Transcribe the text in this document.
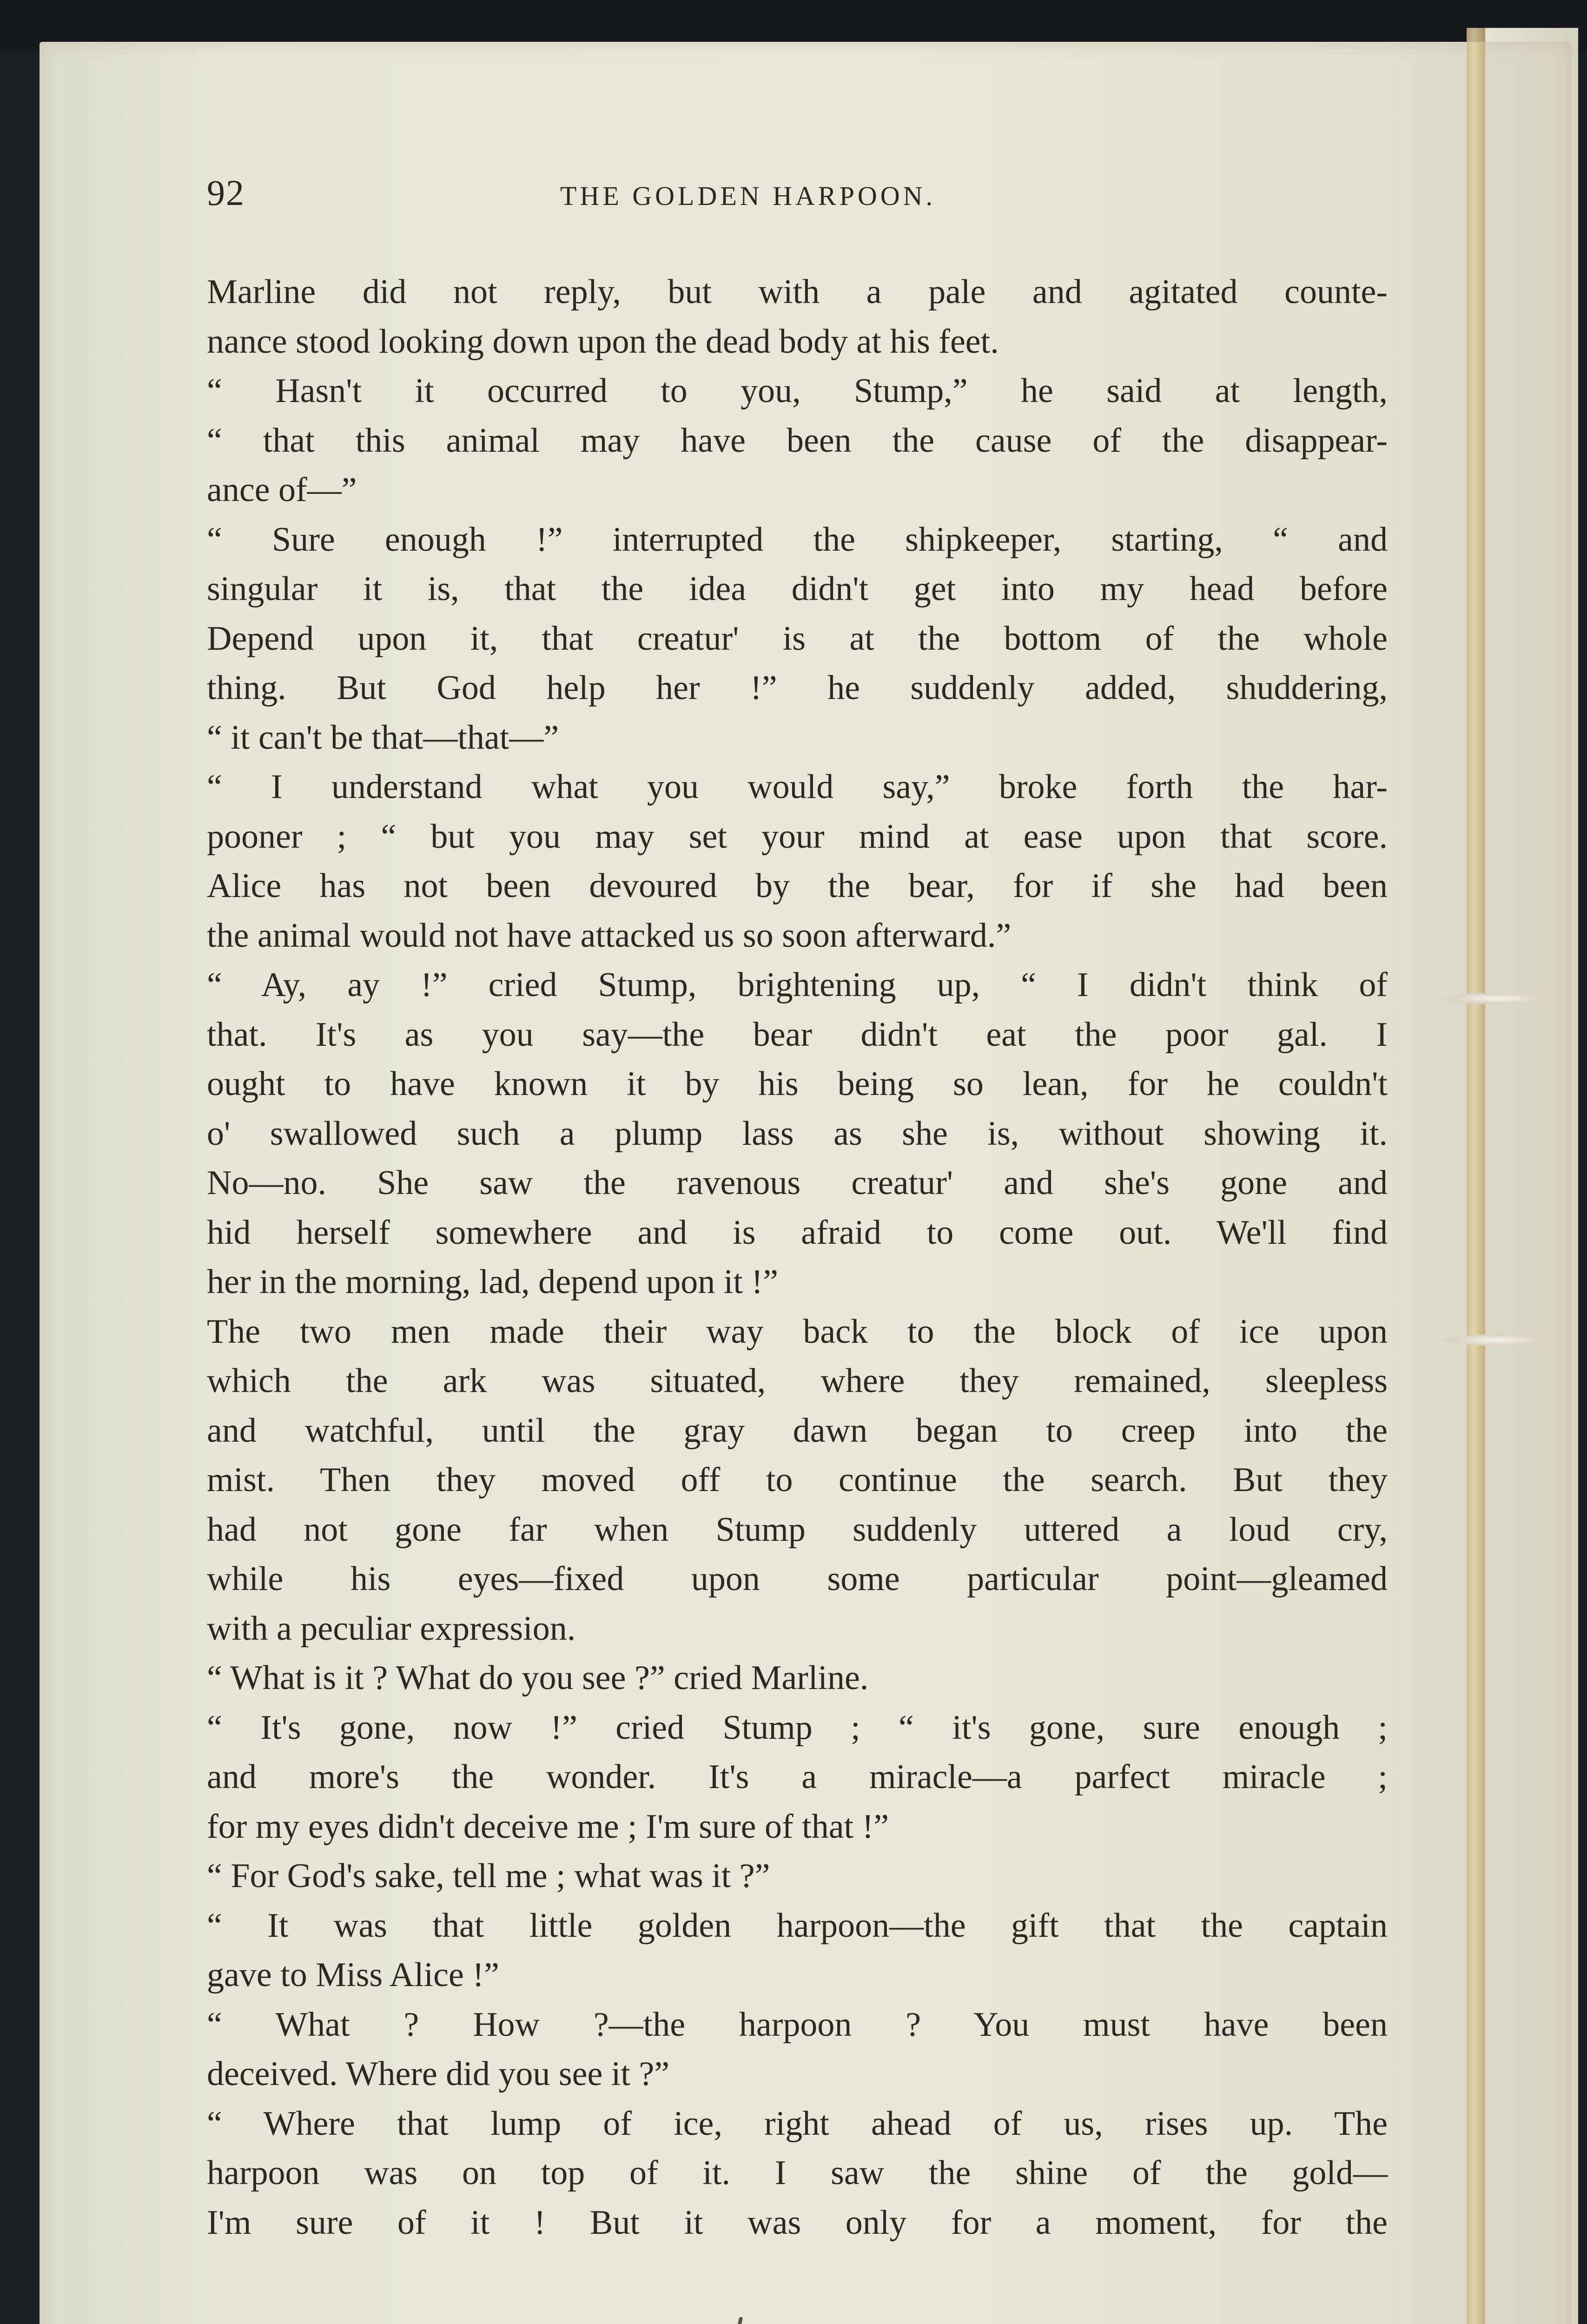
92	THE GOLDEN HARPOON.
Marline did not reply, but with a pale and agitated counte-
nance stood looking down upon the dead body at his feet.
“ Hasn't it occurred to you, Stump,” he said at length,
“ that this animal may have been the cause of the disappear-
ance of—”
“ Sure enough !” interrupted the shipkeeper, starting, “ and
singular it is, that the idea didn't get into my head before
Depend upon it, that creatur' is at the bottom of the whole
thing. But God help her !” he suddenly added, shuddering,
“ it can't be that—that—”
“ I understand what you would say,” broke forth the har-
pooner ; “ but you may set your mind at ease upon that score.
Alice has not been devoured by the bear, for if she had been
the animal would not have attacked us so soon afterward.”
“ Ay, ay !” cried Stump, brightening up, “ I didn't think of
that. It's as you say—the bear didn't eat the poor gal. I
ought to have known it by his being so lean, for he couldn't
o' swallowed such a plump lass as she is, without showing it.
No—no. She saw the ravenous creatur' and she's gone and
hid herself somewhere and is afraid to come out. We'll find
her in the morning, lad, depend upon it !”
The two men made their way back to the block of ice upon
which the ark was situated, where they remained, sleepless
and watchful, until the gray dawn began to creep into the
mist. Then they moved off to continue the search. But they
had not gone far when Stump suddenly uttered a loud cry,
while his eyes—fixed upon some particular point—gleamed
with a peculiar expression.
“ What is it ? What do you see ?” cried Marline.
“ It's gone, now !” cried Stump ; “ it's gone, sure enough ;
and more's the wonder. It's a miracle—a parfect miracle ;
for my eyes didn't deceive me ; I'm sure of that !”
“ For God's sake, tell me ; what was it ?”
“ It was that little golden harpoon—the gift that the captain
gave to Miss Alice !”
“ What ? How ?—the harpoon ? You must have been
deceived. Where did you see it ?”
“ Where that lump of ice, right ahead of us, rises up. The
harpoon was on top of it. I saw the shine of the gold—
I'm sure of it ! But it was only for a moment, for the
